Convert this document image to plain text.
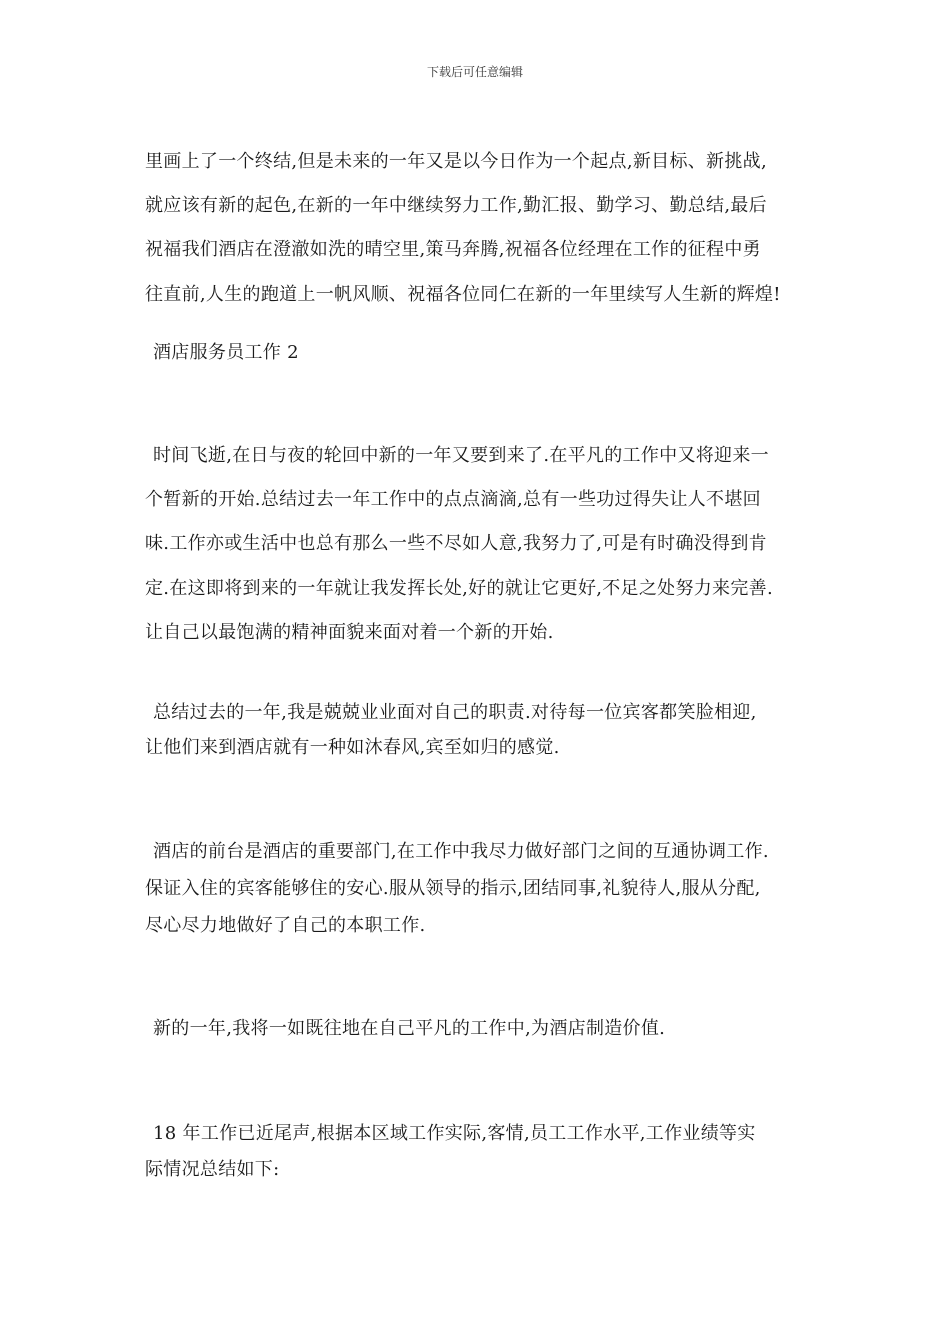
下载后可任意编辑
里画上了一个终结,但是未来的一年又是以今日作为一个起点,新目标、新挑战,
就应该有新的起色,在新的一年中继续努力工作,勤汇报、勤学习、勤总结,最后
祝福我们酒店在澄澈如洗的晴空里,策马奔腾,祝福各位经理在工作的征程中勇
往直前,人生的跑道上一帆风顺、祝福各位同仁在新的一年里续写人生新的辉煌!
酒店服务员工作 2
时间飞逝,在日与夜的轮回中新的一年又要到来了.在平凡的工作中又将迎来一
个暂新的开始.总结过去一年工作中的点点滴滴,总有一些功过得失让人不堪回
味.工作亦或生活中也总有那么一些不尽如人意,我努力了,可是有时确没得到肯
定.在这即将到来的一年就让我发挥长处,好的就让它更好,不足之处努力来完善.
让自己以最饱满的精神面貌来面对着一个新的开始.
总结过去的一年,我是兢兢业业面对自己的职责.对待每一位宾客都笑脸相迎,
让他们来到酒店就有一种如沐春风,宾至如归的感觉.
酒店的前台是酒店的重要部门,在工作中我尽力做好部门之间的互通协调工作.
保证入住的宾客能够住的安心.服从领导的指示,团结同事,礼貌待人,服从分配,
尽心尽力地做好了自己的本职工作.
新的一年,我将一如既往地在自己平凡的工作中,为酒店制造价值.
18 年工作已近尾声,根据本区域工作实际,客情,员工工作水平,工作业绩等实
际情况总结如下:
